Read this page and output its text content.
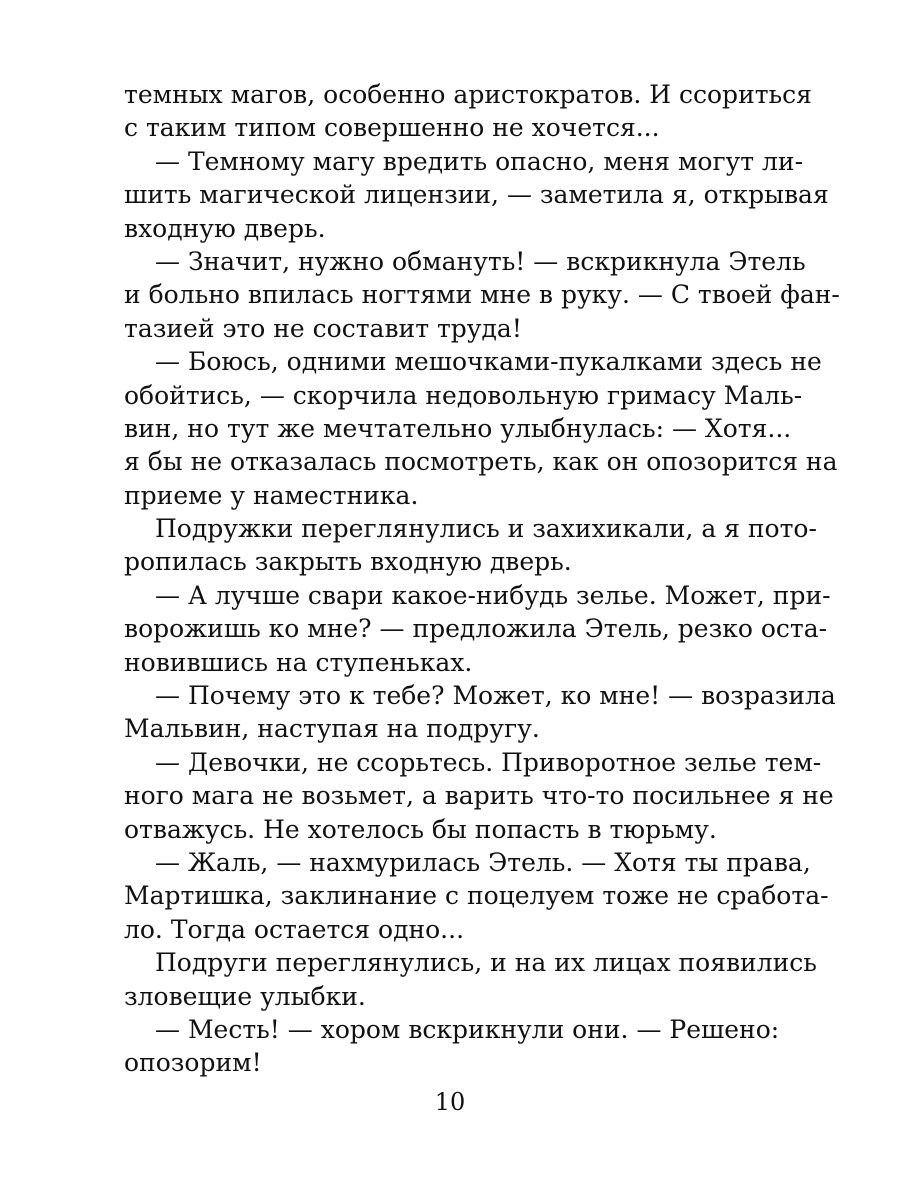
темных магов, особенно аристократов. И ссориться
с таким типом совершенно не хочется...
— Темному магу вредить опасно, меня могут ли-
шить магической лицензии, — заметила я, открывая
входную дверь.
— Значит, нужно обмануть! — вскрикнула Этель
и больно впилась ногтями мне в руку. — С твоей фан-
тазией это не составит труда!
— Боюсь, одними мешочками-пукалками здесь не
обойтись, — скорчила недовольную гримасу Маль-
вин, но тут же мечтательно улыбнулась: — Хотя...
я бы не отказалась посмотреть, как он опозорится на
приеме у наместника.
Подружки переглянулись и захихикали, а я пото-
ропилась закрыть входную дверь.
— А лучше свари какое-нибудь зелье. Может, при-
ворожишь ко мне? — предложила Этель, резко оста-
новившись на ступеньках.
— Почему это к тебе? Может, ко мне! — возразила
Мальвин, наступая на подругу.
— Девочки, не ссорьтесь. Приворотное зелье тем-
ного мага не возьмет, а варить что-то посильнее я не
отважусь. Не хотелось бы попасть в тюрьму.
— Жаль, — нахмурилась Этель. — Хотя ты права,
Мартишка, заклинание с поцелуем тоже не сработа-
ло. Тогда остается одно...
Подруги переглянулись, и на их лицах появились
зловещие улыбки.
— Месть! — хором вскрикнули они. — Решено:
опозорим!
10
